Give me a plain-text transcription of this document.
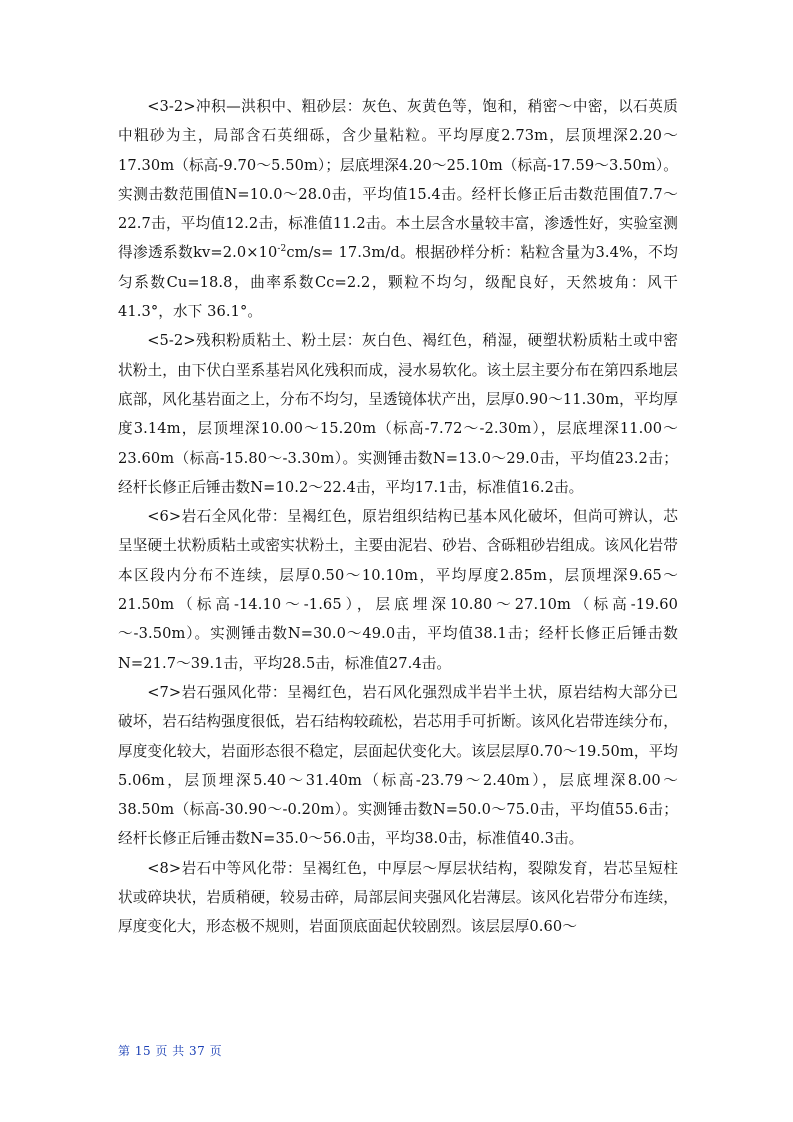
<3-2>冲积—洪积中、粗砂层：灰色、灰黄色等，饱和，稍密～中密，以石英质中粗砂为主，局部含石英细砾，含少量粘粒。平均厚度2.73m，层顶埋深2.20～17.30m（标高-9.70～5.50m）；层底埋深4.20～25.10m（标高-17.59～3.50m）。实测击数范围值N=10.0～28.0击，平均值15.4击。经杆长修正后击数范围值7.7～22.7击，平均值12.2击，标准值11.2击。本土层含水量较丰富，渗透性好，实验室测得渗透系数$kv=2.0\times 10^{-2}cm/s= 17.3m/d$。根据砂样分析：粘粒含量为3.4%，不均匀系数Cu=18.8，曲率系数Cc=2.2，颗粒不均匀，级配良好，天然坡角：风干 41.3°，水下 36.1°。

<5-2>残积粉质粘土、粉土层：灰白色、褐红色，稍湿，硬塑状粉质粘土或中密状粉土，由下伏白垩系基岩风化残积而成，浸水易软化。该土层主要分布在第四系地层底部，风化基岩面之上，分布不均匀，呈透镜体状产出，层厚0.90～11.30m，平均厚度3.14m，层顶埋深10.00～15.20m（标高-7.72～-2.30m），层底埋深11.00～23.60m（标高-15.80～-3.30m）。实测锤击数N=13.0～29.0击，平均值23.2击；经杆长修正后锤击数N=10.2～22.4击，平均17.1击，标准值16.2击。

<6>岩石全风化带：呈褐红色，原岩组织结构已基本风化破坏，但尚可辨认，芯呈坚硬土状粉质粘土或密实状粉土，主要由泥岩、砂岩、含砾粗砂岩组成。该风化岩带本区段内分布不连续，层厚0.50～10.10m，平均厚度2.85m，层顶埋深9.65～21.50m（标高-14.10～-1.65），层底埋深10.80～27.10m（标高-19.60～-3.50m）。实测锤击数N=30.0～49.0击，平均值38.1击；经杆长修正后锤击数N=21.7～39.1击，平均28.5击，标准值27.4击。

<7>岩石强风化带：呈褐红色，岩石风化强烈成半岩半土状，原岩结构大部分已破坏，岩石结构强度很低，岩石结构较疏松，岩芯用手可折断。该风化岩带连续分布，厚度变化较大，岩面形态很不稳定，层面起伏变化大。该层层厚0.70～19.50m，平均5.06m，层顶埋深5.40～31.40m（标高-23.79～2.40m），层底埋深8.00～38.50m（标高-30.90～-0.20m）。实测锤击数N=50.0～75.0击，平均值55.6击；经杆长修正后锤击数N=35.0～56.0击，平均38.0击，标准值40.3击。

<8>岩石中等风化带：呈褐红色，中厚层～厚层状结构，裂隙发育，岩芯呈短柱状或碎块状，岩质稍硬，较易击碎，局部层间夹强风化岩薄层。该风化岩带分布连续，厚度变化大，形态极不规则，岩面顶底面起伏较剧烈。该层层厚0.60～

第 15 页 共 37 页
